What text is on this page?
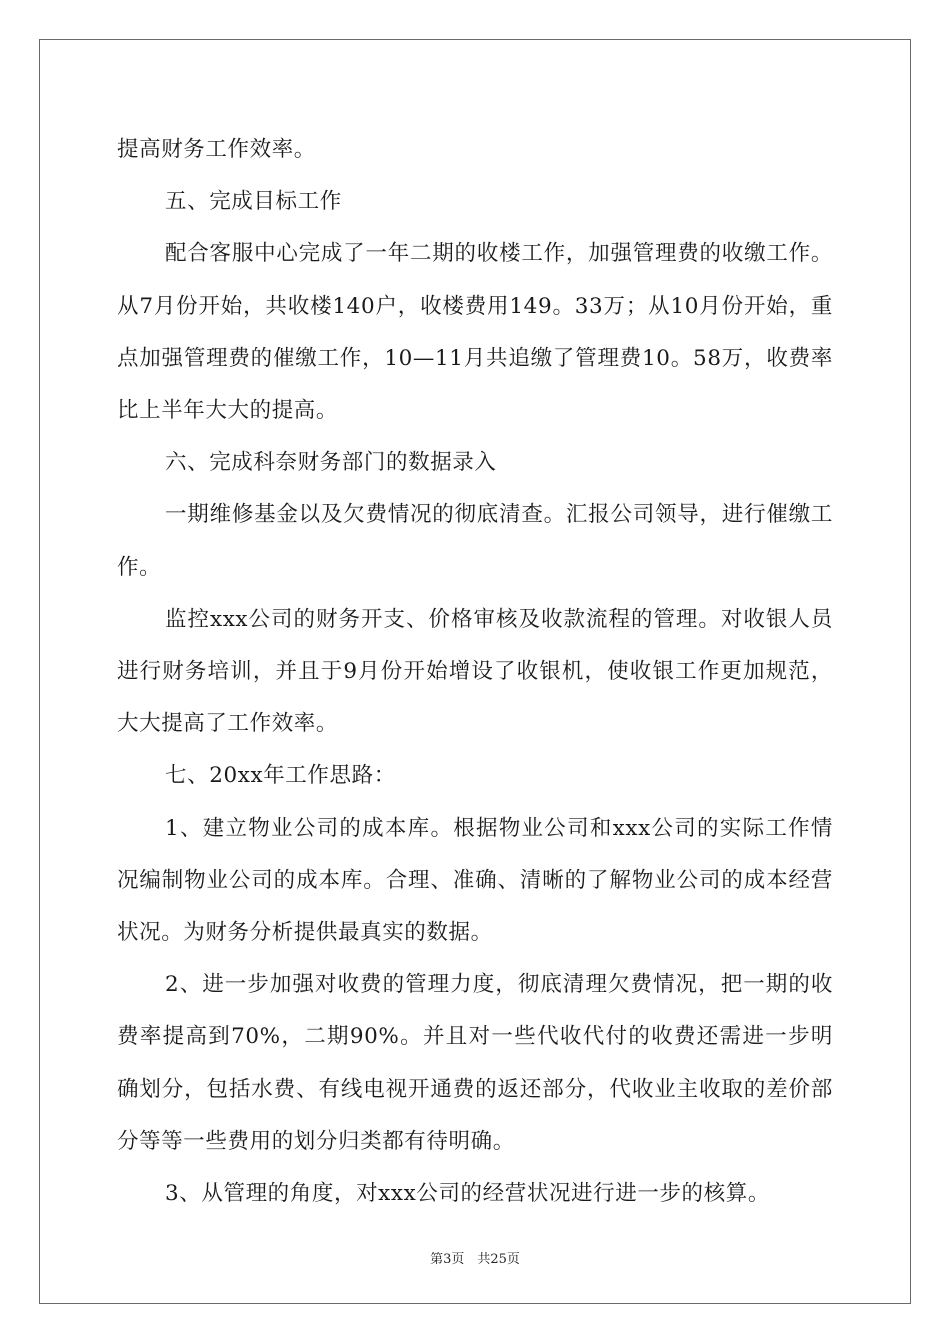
提高财务工作效率。

五、完成目标工作

配合客服中心完成了一年二期的收楼工作，加强管理费的收缴工作。从7月份开始，共收楼140户，收楼费用149。33万；从10月份开始，重点加强管理费的催缴工作，10—11月共追缴了管理费10。58万，收费率比上半年大大的提高。

六、完成科奈财务部门的数据录入

一期维修基金以及欠费情况的彻底清查。汇报公司领导，进行催缴工作。

监控xxx公司的财务开支、价格审核及收款流程的管理。对收银人员进行财务培训，并且于9月份开始增设了收银机，使收银工作更加规范，大大提高了工作效率。

七、20xx年工作思路：

1、建立物业公司的成本库。根据物业公司和xxx公司的实际工作情况编制物业公司的成本库。合理、准确、清晰的了解物业公司的成本经营状况。为财务分析提供最真实的数据。

2、进一步加强对收费的管理力度，彻底清理欠费情况，把一期的收费率提高到70%，二期90%。并且对一些代收代付的收费还需进一步明确划分，包括水费、有线电视开通费的返还部分，代收业主收取的差价部分等等一些费用的划分归类都有待明确。

3、从管理的角度，对xxx公司的经营状况进行进一步的核算。

第3页　共25页
